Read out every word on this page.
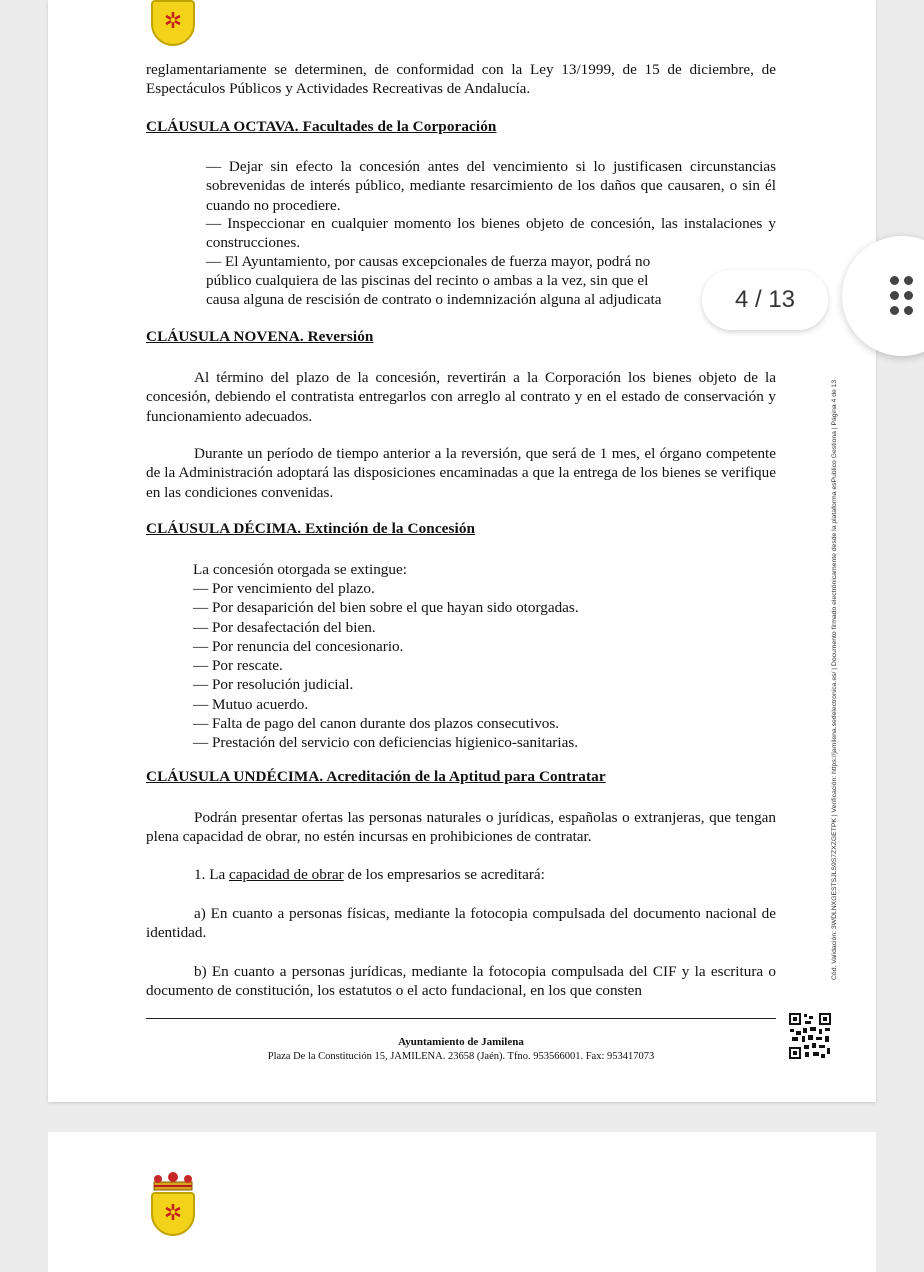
✲
reglamentariamente se determinen, de conformidad con la Ley 13/1999, de 15 de diciembre, de Espectáculos Públicos y Actividades Recreativas de Andalucía.
CLÁUSULA OCTAVA. Facultades de la Corporación
— Dejar sin efecto la concesión antes del vencimiento si lo justificasen circunstancias sobrevenidas de interés público, mediante resarcimiento de los daños que causaren, o sin él cuando no procediere.
— Inspeccionar en cualquier momento los bienes objeto de concesión, las instalaciones y construcciones.
— El Ayuntamiento, por causas excepcionales de fuerza mayor, podrá no
público cualquiera de las piscinas del recinto o ambas a la vez, sin que el
causa alguna de rescisión de contrato o indemnización alguna al adjudicata
CLÁUSULA NOVENA. Reversión
Al término del plazo de la concesión, revertirán a la Corporación los bienes objeto de la concesión, debiendo el contratista entregarlos con arreglo al contrato y en el estado de conservación y funcionamiento adecuados.
Durante un período de tiempo anterior a la reversión, que será de 1 mes, el órgano competente de la Administración adoptará las disposiciones encaminadas a que la entrega de los bienes se verifique en las condiciones convenidas.
CLÁUSULA DÉCIMA. Extinción de la Concesión
La concesión otorgada se extingue:
— Por vencimiento del plazo.
— Por desaparición del bien sobre el que hayan sido otorgadas.
— Por desafectación del bien.
— Por renuncia del concesionario.
— Por rescate.
— Por resolución judicial.
— Mutuo acuerdo.
— Falta de pago del canon durante dos plazos consecutivos.
— Prestación del servicio con deficiencias higienico-sanitarias.
CLÁUSULA UNDÉCIMA. Acreditación de la Aptitud para Contratar
Podrán presentar ofertas las personas naturales o jurídicas, españolas o extranjeras, que tengan plena capacidad de obrar, no estén incursas en prohibiciones de contratar.
1. La capacidad de obrar de los empresarios se acreditará:
a) En cuanto a personas físicas, mediante la fotocopia compulsada del documento nacional de identidad.
b) En cuanto a personas jurídicas, mediante la fotocopia compulsada del CIF y la escritura o documento de constitución, los estatutos o el acto fundacional, en los que consten
Ayuntamiento de Jamilena
Plaza De la Constitución 15, JAMILENA. 23658 (Jaén). Tfno. 953566001. Fax: 953417073
Cód. Validación: 3WDLNXGESTSJLS9S7ZXZGETPK | Verificación: https://jamilena.sedelectronica.es/ | Documento firmado electrónicamente desde la plataforma esPublico Gestiona | Página 4 de 13
✲
4 / 13
